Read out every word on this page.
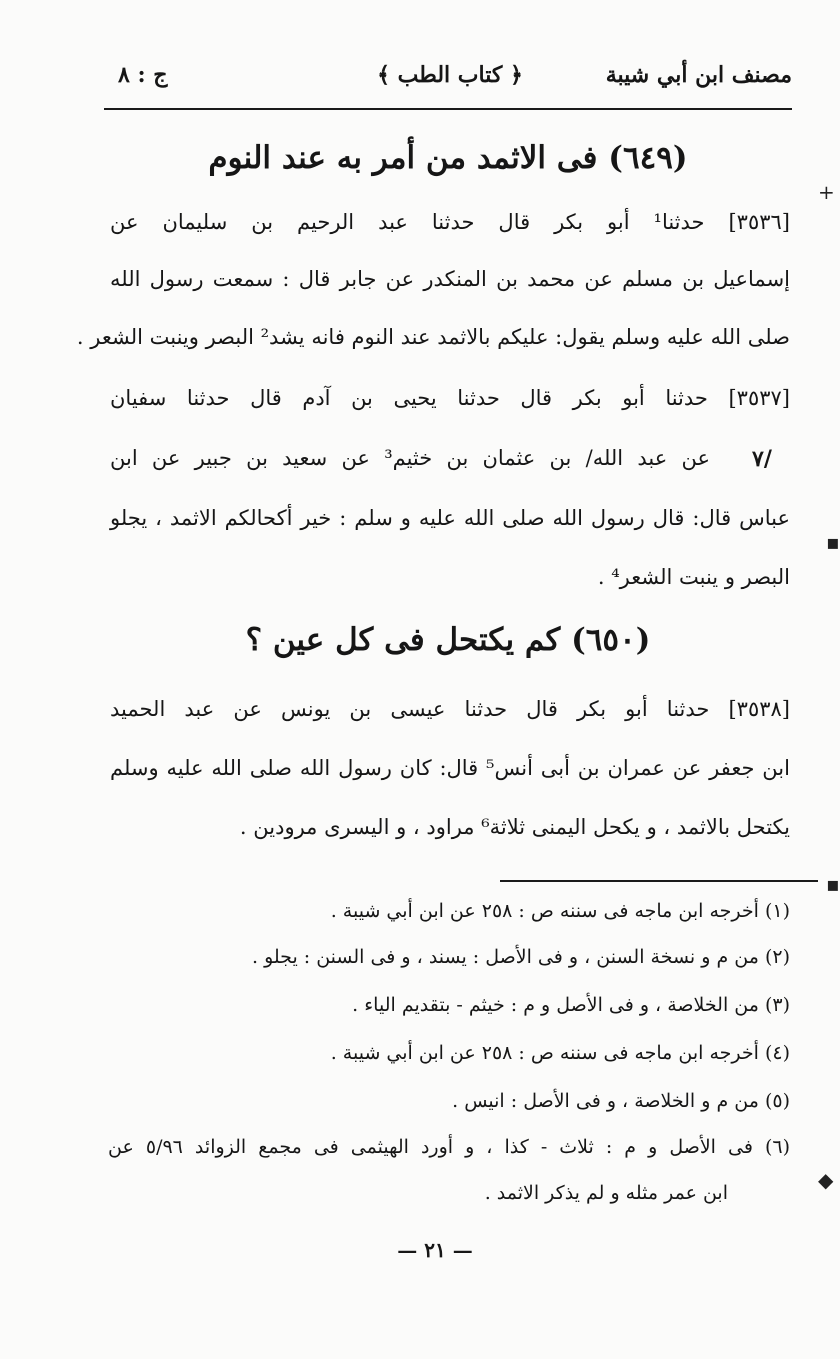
مصنف ابن أبي شيبة
﴿ كتاب الطب ﴾
ج : ٨
(٦٤٩) فى الاثمد من أمر به عند النوم
[٣٥٣٦] حدثنا¹ أبو بكر قال حدثنا عبد الرحيم بن سليمان عن
إسماعيل بن مسلم عن محمد بن المنكدر عن جابر قال : سمعت رسول الله
صلى الله عليه وسلم يقول: عليكم بالاثمد عند النوم فانه يشد² البصر وينبت الشعر .
[٣٥٣٧] حدثنا أبو بكر قال حدثنا يحيى بن آدم قال حدثنا سفيان
عن عبد الله/ بن عثمان بن خثيم³ عن سعيد بن جبير عن ابن ٧/
عباس قال: قال رسول الله صلى الله عليه و سلم : خير أكحالكم الاثمد ، يجلو
البصر و ينبت الشعر⁴ .
(٦٥٠) كم يكتحل فى كل عين ؟
[٣٥٣٨] حدثنا أبو بكر قال حدثنا عيسى بن يونس عن عبد الحميد
ابن جعفر عن عمران بن أبى أنس⁵ قال: كان رسول الله صلى الله عليه وسلم
يكتحل بالاثمد ، و يكحل اليمنى ثلاثة⁶ مراود ، و اليسرى مرودين .
(١) أخرجه ابن ماجه فى سننه ص : ٢٥٨ عن ابن أبي شيبة .
(٢) من م و نسخة السنن ، و فى الأصل : يسند ، و فى السنن : يجلو .
(٣) من الخلاصة ، و فى الأصل و م : خيثم - بتقديم الياء .
(٤) أخرجه ابن ماجه فى سننه ص : ٢٥٨ عن ابن أبي شيبة .
(٥) من م و الخلاصة ، و فى الأصل : انيس .
(٦) فى الأصل و م : ثلاث - كذا ، و أورد الهيثمى فى مجمع الزوائد ٥/٩٦ عن
ابن عمر مثله و لم يذكر الاثمد .
— ٢١ —
+
▪
▪
◆
